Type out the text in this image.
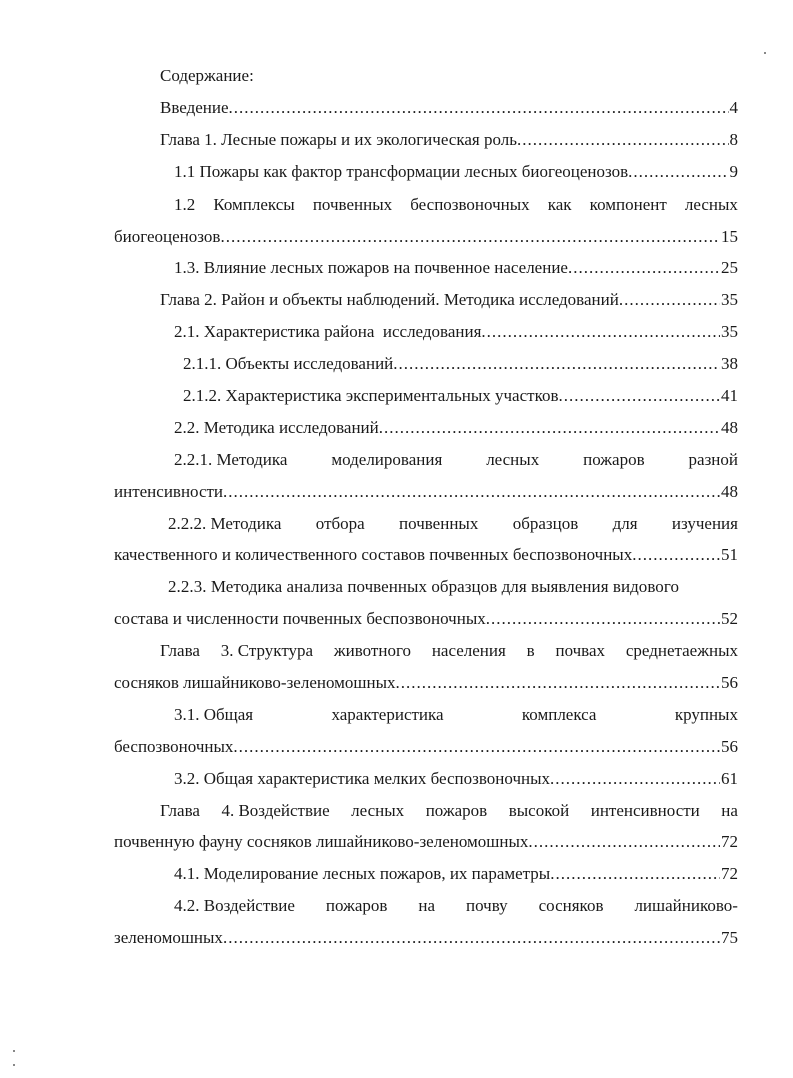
Содержание:
Введение .....	4
Глава 1. Лесные пожары и их экологическая роль .....	8
1.1 Пожары как фактор трансформации лесных биогеоценозов .....	9
1.2 Комплексы почвенных беспозвоночных как компонент лесных
биогеоценозов .....	15
1.3. Влияние лесных пожаров на почвенное население .....	25
Глава 2. Район и объекты наблюдений. Методика исследований .....	35
2.1. Характеристика района  исследования .....	35
2.1.1. Объекты исследований .....	38
2.1.2. Характеристика экспериментальных участков .....	41
2.2. Методика исследований .....	48
2.2.1. Методика	моделирования	лесных	пожаров	разной
интенсивности .....	48
2.2.2. Методика отбора почвенных образцов для изучения
качественного и количественного составов почвенных беспозвоночных .....	51
2.2.3. Методика анализа почвенных образцов для выявления видового
состава и численности почвенных беспозвоночных .....	52
Глава 3. Структура животного населения в почвах среднетаежных
сосняков лишайниково-зеленомошных .....	56
3.1. Общая	характеристика	комплекса	крупных
беспозвоночных .....	56
3.2. Общая характеристика мелких беспозвоночных .....	61
Глава 4. Воздействие лесных пожаров высокой интенсивности на
почвенную фауну сосняков лишайниково-зеленомошных .....	72
4.1. Моделирование лесных пожаров, их параметры .....	72
4.2. Воздействие пожаров на почву сосняков лишайниково-
зеленомошных .....	75
